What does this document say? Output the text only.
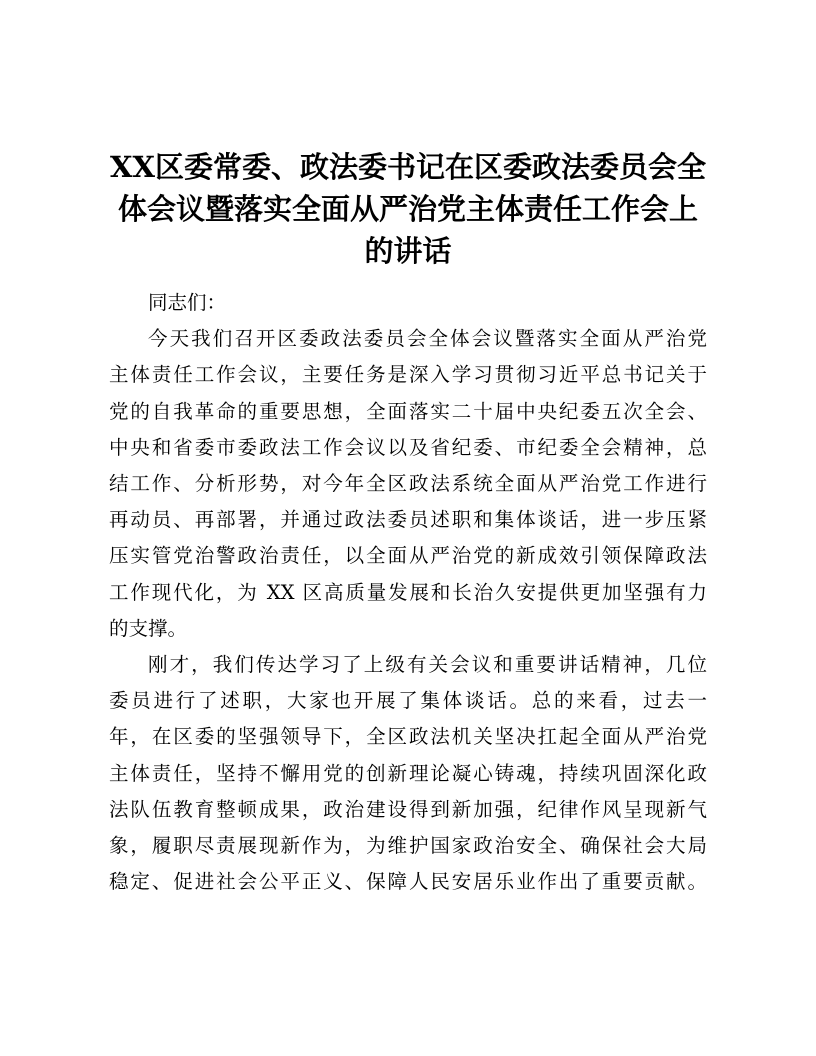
XX区委常委、政法委书记在区委政法委员会全
体会议暨落实全面从严治党主体责任工作会上
的讲话
同志们：
今天我们召开区委政法委员会全体会议暨落实全面从严治党
主体责任工作会议，主要任务是深入学习贯彻习近平总书记关于
党的自我革命的重要思想，全面落实二十届中央纪委五次全会、
中央和省委市委政法工作会议以及省纪委、市纪委全会精神，总
结工作、分析形势，对今年全区政法系统全面从严治党工作进行
再动员、再部署，并通过政法委员述职和集体谈话，进一步压紧
压实管党治警政治责任，以全面从严治党的新成效引领保障政法
工作现代化，为 XX 区高质量发展和长治久安提供更加坚强有力
的支撑。
刚才，我们传达学习了上级有关会议和重要讲话精神，几位
委员进行了述职，大家也开展了集体谈话。总的来看，过去一
年，在区委的坚强领导下，全区政法机关坚决扛起全面从严治党
主体责任，坚持不懈用党的创新理论凝心铸魂，持续巩固深化政
法队伍教育整顿成果，政治建设得到新加强，纪律作风呈现新气
象，履职尽责展现新作为，为维护国家政治安全、确保社会大局
稳定、促进社会公平正义、保障人民安居乐业作出了重要贡献。
